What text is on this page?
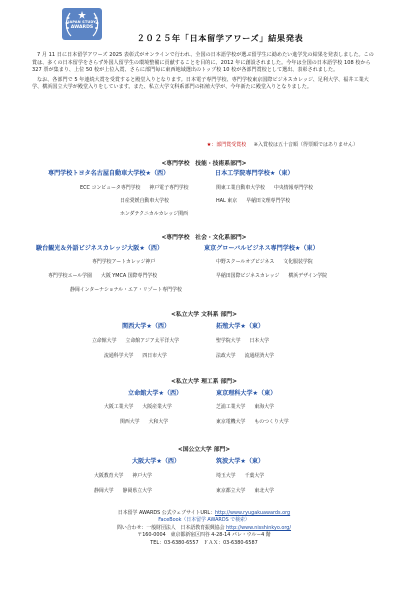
JAPAN STUDY
AWARDS
２０２５年「日本留学アワーズ」結果発表

7 月 11 日に日本留学アワーズ 2025 表彰式がオンラインで行われ、全国の日本語学校が選ぶ留学生に勧めたい進学先の結果を発表しました。この賞は、多くの日本留学をさらず外国人留学生の環境整備に貢献することを目的に、2012 年に創設されました。今年は全国の日本語学校 108 校から 327 票が集まり、上位 50 校が上位入賞、さらに部門毎に東西地域選出のトップ校 10 校が各部門賞校として選出、表彰されました。

なお、各部門で 5 年連続大賞を受賞すると殿堂入りとなります。日本電子専門学校、専門学校東京国際ビジネスカレッジ、足利大学、福井工業大学、横浜国立大学が殿堂入りをしています。また、私立大学文科系部門の拓殖大学が、今年新たに殿堂入りとなりました。

★：部門賞受賞校 ※入賞校は五十音順（得票順ではありません）
<専門学校　技能・技術系部門>
専門学校トヨタ名古屋自動車大学校★（西）	日本工学院専門学校★（東）
ECC コンピュータ専門学校 神戸電子専門学校	関東工業自動車大学校 中央情報専門学校
日産愛媛自動車大学校	HAL 東京 早稲田文理専門学校
ホンダテクニカルカレッジ関西
<専門学校　社会・文化系部門>
駿台観光＆外語ビジネスカレッジ大阪★（西）	東京グローバルビジネス専門学校★（東）
専門学校アートカレッジ神戸	中野スクールオブビジネス 文化服装学院
専門学校エール学園 大阪 YMCA 国際専門学校	早稲田国際ビジネスカレッジ 横浜デザイン学院
静岡インターナショナル・エア・リゾート専門学校
<私立大学 文科系 部門>
関西大学★（西）	拓殖大学★（東）
立命館大学 立命館アジア太平洋大学	聖学院大学 日本大学
流通科学大学 四日市大学	法政大学 流通経済大学
<私立大学 理工系 部門>
立命館大学★（西）	東京理科大学★（東）
大阪工業大学 大阪産業大学	芝浦工業大学 東海大学
関西大学 大和大学	東京電機大学 ものつくり大学
<国公立大学 部門>
大阪大学★（西）	筑波大学★（東）
大阪教育大学 神戸大学	埼玉大学 千葉大学
静岡大学 静岡県立大学	東京都立大学 東北大学
日本留学 AWARDS 公式ウェブサイトURL：http://www.ryugakuawards.org
FaceBook（日本留学 AWARDS で検索）
問い合わせ：一般財団法人　日本語教育振興協会 http://www.nisshinkyo.org/
〒160-0004　東京都新宿区四谷 4-28-14 パレ・ウルー4 階
TEL：03-6380-6557　ＦＡＸ：03-6380-6587
